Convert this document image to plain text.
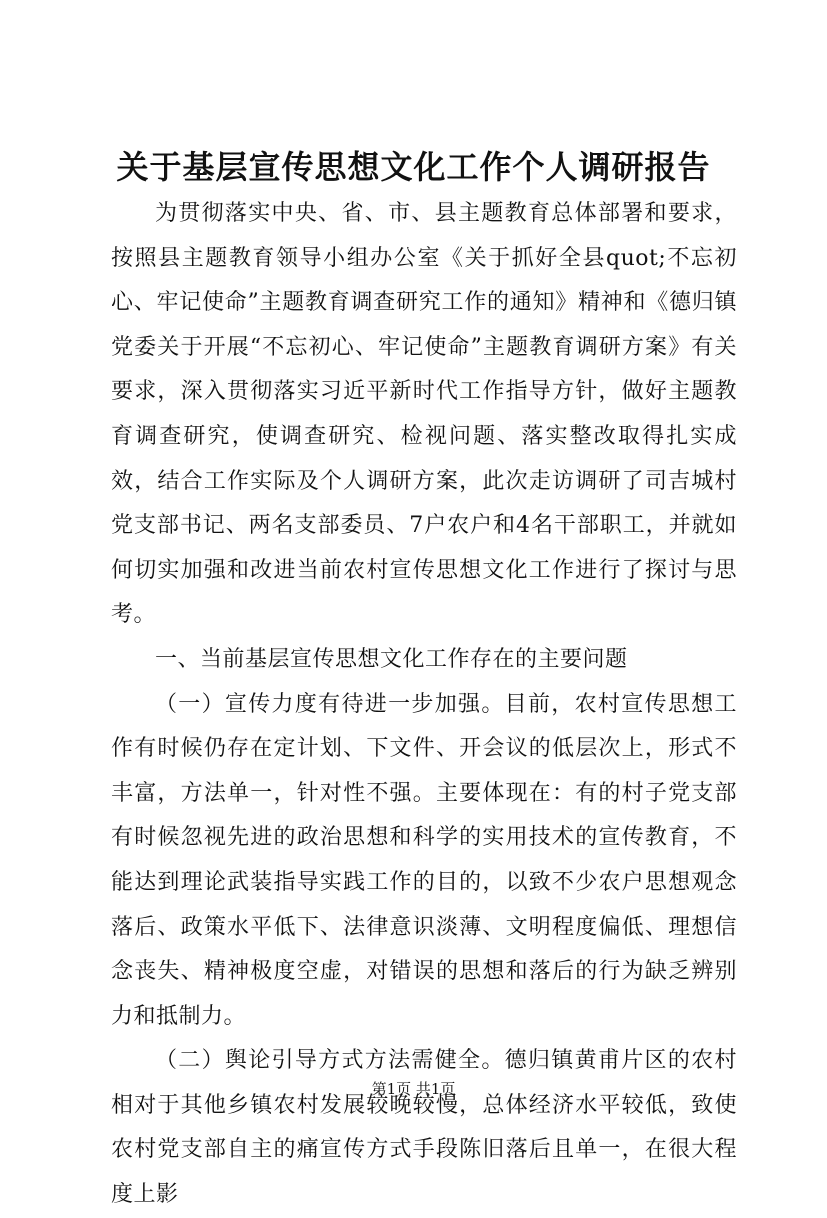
关于基层宣传思想文化工作个人调研报告

为贯彻落实中央、省、市、县主题教育总体部署和要求，按照县主题教育领导小组办公室《关于抓好全县quot;不忘初心、牢记使命”主题教育调查研究工作的通知》精神和《德归镇党委关于开展“不忘初心、牢记使命”主题教育调研方案》有关要求，深入贯彻落实习近平新时代工作指导方针，做好主题教育调查研究，使调查研究、检视问题、落实整改取得扎实成效，结合工作实际及个人调研方案，此次走访调研了司吉城村党支部书记、两名支部委员、7户农户和4名干部职工，并就如何切实加强和改进当前农村宣传思想文化工作进行了探讨与思考。

一、当前基层宣传思想文化工作存在的主要问题

（一）宣传力度有待进一步加强。目前，农村宣传思想工作有时候仍存在定计划、下文件、开会议的低层次上，形式不丰富，方法单一，针对性不强。主要体现在：有的村子党支部有时候忽视先进的政治思想和科学的实用技术的宣传教育，不能达到理论武装指导实践工作的目的，以致不少农户思想观念落后、政策水平低下、法律意识淡薄、文明程度偏低、理想信念丧失、精神极度空虚，对错误的思想和落后的行为缺乏辨别力和抵制力。

（二）舆论引导方式方法需健全。德归镇黄甫片区的农村相对于其他乡镇农村发展较晚较慢，总体经济水平较低，致使农村党支部自主的痛宣传方式手段陈旧落后且单一，在很大程度上影

第1页 共1页
